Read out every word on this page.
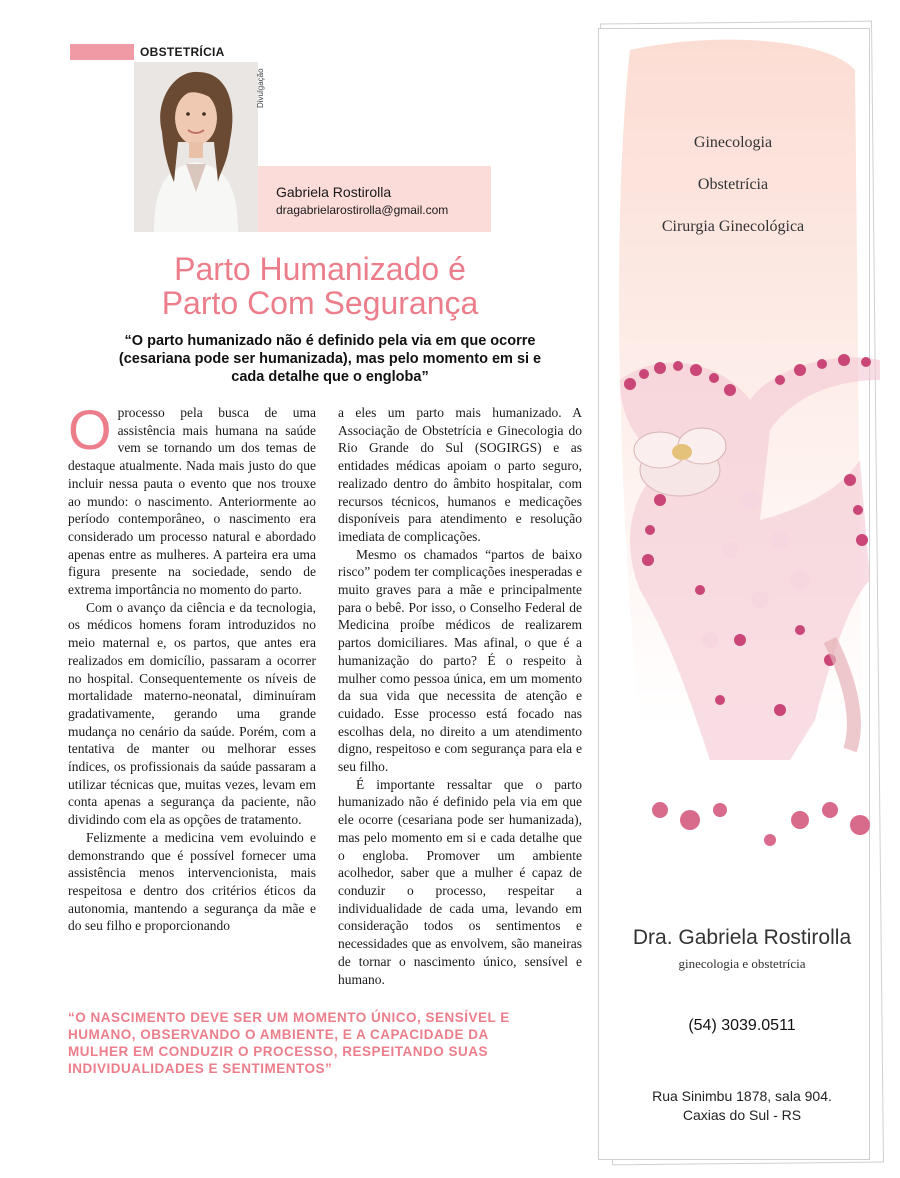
OBSTETRÍCIA
Divulgação
Gabriela Rostirolla
dragabrielarostirolla@gmail.com
Parto Humanizado é
Parto Com Segurança
“O parto humanizado não é definido pela via em que ocorre (cesariana pode ser humanizada), mas pelo momento em si e cada detalhe que o engloba”

Oprocesso pela busca de uma assistência mais humana na saúde vem se tornando um dos temas de destaque atualmente. Nada mais justo do que incluir nessa pauta o evento que nos trouxe ao mundo: o nascimento. Anteriormente ao período contemporâneo, o nascimento era considerado um processo natural e abordado apenas entre as mulheres. A parteira era uma figura presente na sociedade, sendo de extrema importância no momento do parto.

Com o avanço da ciência e da tecnologia, os médicos homens foram introduzidos no meio maternal e, os partos, que antes era realizados em domicílio, passaram a ocorrer no hospital. Consequentemente os níveis de mortalidade materno-neonatal, diminuíram gradativamente, gerando uma grande mudança no cenário da saúde. Porém, com a tentativa de manter ou melhorar esses índices, os profissionais da saúde passaram a utilizar técnicas que, muitas vezes, levam em conta apenas a segurança da paciente, não dividindo com ela as opções de tratamento.

Felizmente a medicina vem evoluindo e demonstrando que é possível fornecer uma assistência menos intervencionista, mais respeitosa e dentro dos critérios éticos da autonomia, mantendo a segurança da mãe e do seu filho e proporcionando

a eles um parto mais humanizado. A Associação de Obstetrícia e Ginecologia do Rio Grande do Sul (SOGIRGS) e as entidades médicas apoiam o parto seguro, realizado dentro do âmbito hospitalar, com recursos técnicos, humanos e medicações disponíveis para atendimento e resolução imediata de complicações.

Mesmo os chamados “partos de baixo risco” podem ter complicações inesperadas e muito graves para a mãe e principalmente para o bebê. Por isso, o Conselho Federal de Medicina proíbe médicos de realizarem partos domiciliares. Mas afinal, o que é a humanização do parto? É o respeito à mulher como pessoa única, em um momento da sua vida que necessita de atenção e cuidado. Esse processo está focado nas escolhas dela, no direito a um atendimento digno, respeitoso e com segurança para ela e seu filho.

É importante ressaltar que o parto humanizado não é definido pela via em que ele ocorre (cesariana pode ser humanizada), mas pelo momento em si e cada detalhe que o engloba. Promover um ambiente acolhedor, saber que a mulher é capaz de conduzir o processo, respeitar a individualidade de cada uma, levando em consideração todos os sentimentos e necessidades que as envolvem, são maneiras de tornar o nascimento único, sensível e humano.

“O NASCIMENTO DEVE SER UM MOMENTO ÚNICO, SENSÍVEL E HUMANO, OBSERVANDO O AMBIENTE, E A CAPACIDADE DA MULHER EM CONDUZIR O PROCESSO, RESPEITANDO SUAS INDIVIDUALIDADES E SENTIMENTOS”
Ginecologia
Obstetrícia
Cirurgia Ginecológica
Dra. Gabriela Rostirolla
ginecologia e obstetrícia
(54) 3039.0511
Rua Sinimbu 1878, sala 904.
Caxias do Sul - RS
